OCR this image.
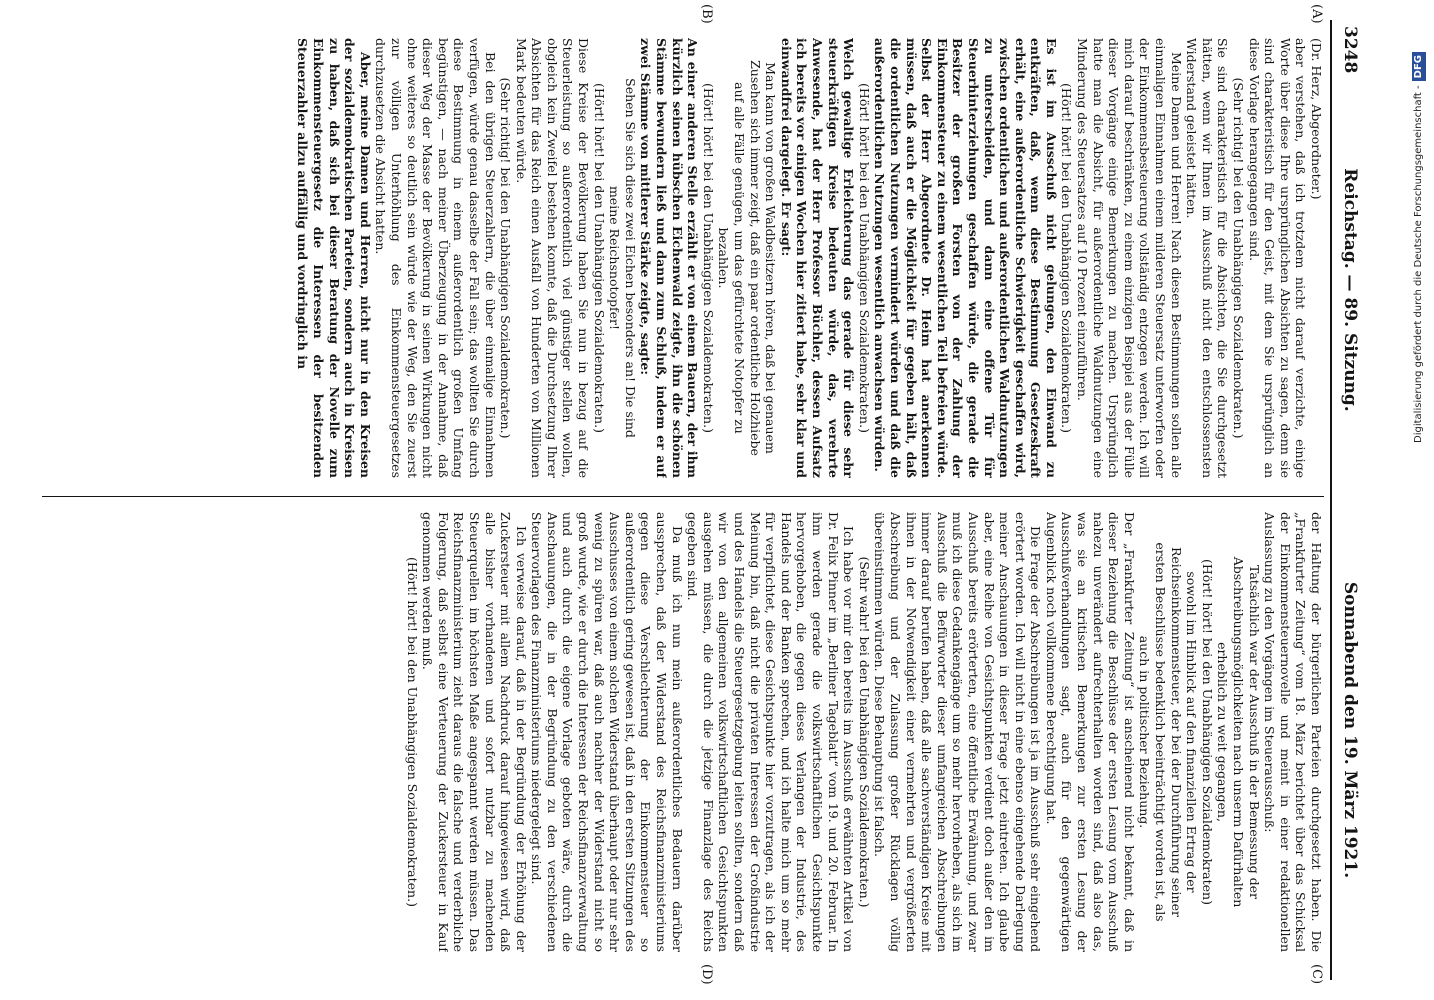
3248
Reichstag. — 89. Sitzung.
Sonnabend den 19. März 1921.
(A)
(B)
(C)
(D)

(Dr. Herz, Abgeordneter.)

aber verstehen, daß ich trotzdem nicht darauf verzichte, einige Worte über diese Ihre ursprünglichen Absichten zu sagen, denn sie sind charakteristisch für den Geist, mit dem Sie ursprünglich an diese Vorlage herangegangen sind.

(Sehr richtig! bei den Unabhängigen Sozialdemokraten.)

Sie sind charakteristisch für die Absichten, die Sie durchgesetzt hätten, wenn wir Ihnen im Ausschuß nicht den entschlossensten Widerstand geleistet hätten.

Meine Damen und Herren! Nach diesen Bestimmungen sollen alle einmaligen Einnahmen einem milderen Steuersatz unterworfen oder der Einkommensbesteuerung vollständig entzogen werden. Ich will mich darauf beschränken, zu einem einzigen Beispiel aus der Fülle dieser Vorgänge einige Bemerkungen zu machen. Ursprünglich hatte man die Absicht, für außerordentliche Waldnutzungen eine Minderung des Steuersatzes auf 10 Prozent einzuführen.

(Hört! hört! bei den Unabhängigen Sozialdemokraten.)

Es ist im Ausschuß nicht gelungen, den Einwand zu entkräften, daß, wenn diese Bestimmung Gesetzeskraft erhält, eine außerordentliche Schwierigkeit geschaffen wird, zwischen ordentlichen und außerordentlichen Waldnutzungen zu unterscheiden, und dann eine offene Tür für Steuerhinterziehungen geschaffen würde, die gerade die Besitzer der großen Forsten von der Zahlung der Einkommensteuer zu einem wesentlichen Teil befreien würde. Selbst der Herr Abgeordnete Dr. Heim hat anerkennen müssen, daß auch er die Möglichkeit für gegeben hält, daß die ordentlichen Nutzungen vermindert würden und daß die außerordentlichen Nutzungen wesentlich anwachsen würden.

(Hört! hört! bei den Unabhängigen Sozialdemokraten.)

Welch gewaltige Erleichterung das gerade für diese sehr steuerkräftigen Kreise bedeuten würde, das, verehrte Anwesende, hat der Herr Professor Büchler, dessen Aufsatz ich bereits vor einigen Wochen hier zitiert habe, sehr klar und einwandfrei dargelegt. Er sagt:

Man kann von großen Waldbesitzern hören, daß bei genauem Zusehen sich immer zeigt, daß ein paar ordentliche Holzhiebe auf alle Fälle genügen, um das gefürchtete Notopfer zu bezahlen.

(Hört! hört! bei den Unabhängigen Sozialdemokraten.)

An einer anderen Stelle erzählt er von einem Bauern, der ihm kürzlich seinen hübschen Eichenwald zeigte, ihn die schönen Stämme bewundern ließ und dann zum Schluß, indem er auf zwei Stämme von mittlerer Stärke zeigte, sagte:

Sehen Sie sich diese zwei Eichen besonders an! Die sind meine Reichsnotopfer!

(Hört! hört! bei den Unabhängigen Sozialdemokraten.)

Diese Kreise der Bevölkerung haben Sie nun in bezug auf die Steuerleistung so außerordentlich viel günstiger stellen wollen, obgleich kein Zweifel bestehen konnte, daß die Durchsetzung Ihrer Absichten für das Reich einen Ausfall von Hunderten von Millionen Mark bedeuten würde.

(Sehr richtig! bei den Unabhängigen Sozialdemokraten.)

Bei den übrigen Steuerzahlern, die über einmalige Einnahmen verfügen, würde genau dasselbe der Fall sein; das wollten Sie durch diese Bestimmung in einem außerordentlich großen Umfang begünstigen, — nach meiner Überzeugung in der Annahme, daß dieser Weg der Masse der Bevölkerung in seinen Wirkungen nicht ohne weiteres so deutlich sein würde wie der Weg, den Sie zuerst zur völligen Unterhöhlung des Einkommensteuergesetzes durchzusetzen die Absicht hatten.

Aber, meine Damen und Herren, nicht nur in den Kreisen der sozialdemokratischen Parteien, sondern auch in Kreisen zu haben, daß sich bei dieser Beratung der Novelle zum Einkommensteuergesetz die Interessen der besitzenden Steuerzahler allzu auffällig und vordringlich in

der Haltung der bürgerlichen Parteien durchgesetzt haben. Die „Frankfurter Zeitung“ vom 18. März berichtet über das Schicksal der Einkommensteuernovelle und meint in einer redaktionellen Auslassung zu den Vorgängen im Steuerausschuß:

Tatsächlich war der Ausschuß in der Bemessung der Abschreibungsmöglichkeiten nach unserm Dafürhalten erheblich zu weit gegangen,

(Hört! hört! bei den Unabhängigen Sozialdemokraten)

sowohl im Hinblick auf den finanziellen Ertrag der Reichseinkommensteuer, der bei der Durchführung seiner ersten Beschlüsse bedenklich beeinträchtigt worden ist, als auch in politischer Beziehung.

Der „Frankfurter Zeitung“ ist anscheinend nicht bekannt, daß in dieser Beziehung die Beschlüsse der ersten Lesung vom Ausschuß nahezu unverändert aufrechterhalten worden sind, daß also das, was sie an kritischen Bemerkungen zur ersten Lesung der Ausschußverhandlungen sagt, auch für den gegenwärtigen Augenblick noch vollkommene Berechtigung hat.

Die Frage der Abschreibungen ist ja im Ausschuß sehr eingehend erörtert worden. Ich will nicht in eine ebenso eingehende Darlegung meiner Anschauungen in dieser Frage jetzt eintreten. Ich glaube aber, eine Reihe von Gesichtspunkten verdient doch außer den im Ausschuß bereits erörterten, eine öffentliche Erwähnung, und zwar muß ich diese Gedankengänge um so mehr hervorheben, als sich im Ausschuß die Befürworter dieser umfangreichen Abschreibungen immer darauf berufen haben, daß alle sachverständigen Kreise mit ihnen in der Notwendigkeit einer vermehrten und vergrößerten Abschreibung und der Zulassung großer Rücklagen völlig übereinstimmen würden. Diese Behauptung ist falsch.

(Sehr wahr! bei den Unabhängigen Sozialdemokraten.)

Ich habe vor mir den bereits im Ausschuß erwähnten Artikel von Dr. Felix Pinner im „Berliner Tageblatt“ vom 19. und 20. Februar. In ihm werden gerade die volkswirtschaftlichen Gesichtspunkte hervorgehoben, die gegen dieses Verlangen der Industrie, des Handels und der Banken sprechen, und ich halte mich um so mehr für verpflichtet, diese Gesichtspunkte hier vorzutragen, als ich der Meinung bin, daß nicht die privaten Interessen der Großindustrie und des Handels die Steuergesetzgebung leiten sollten, sondern daß wir von den allgemeinen volkswirtschaftlichen Gesichtspunkten ausgehen müssen, die durch die jetzige Finanzlage des Reichs gegeben sind.

Da muß ich nun mein außerordentliches Bedauern darüber aussprechen, daß der Widerstand des Reichsfinanzministeriums gegen diese Verschlechterung der Einkommensteuer so außerordentlich gering gewesen ist, daß in den ersten Sitzungen des Ausschusses von einem solchen Widerstand überhaupt oder nur sehr wenig zu spüren war, daß auch nachher der Widerstand nicht so groß wurde, wie er durch die Interessen der Reichsfinanzverwaltung und auch durch die eigene Vorlage geboten wäre, durch die Anschauungen, die in der Begründung zu den verschiedenen Steuervorlagen des Finanzministeriums niedergelegt sind.

Ich verweise darauf, daß in der Begründung der Erhöhung der Zuckersteuer mit allem Nachdruck darauf hingewiesen wird, daß alle bisher vorhandenen und sofort nutzbar zu machenden Steuerquellen im höchsten Maße angespannt werden müssen. Das Reichsfinanzministerium zieht daraus die falsche und verderbliche Folgerung, daß selbst eine Verteuerung der Zuckersteuer in Kauf genommen werden muß.

(Hört! hört! bei den Unabhängigen Sozialdemokraten.)

Digitalisierung gefördert durch die Deutsche Forschungsgemeinschaft -DFG
